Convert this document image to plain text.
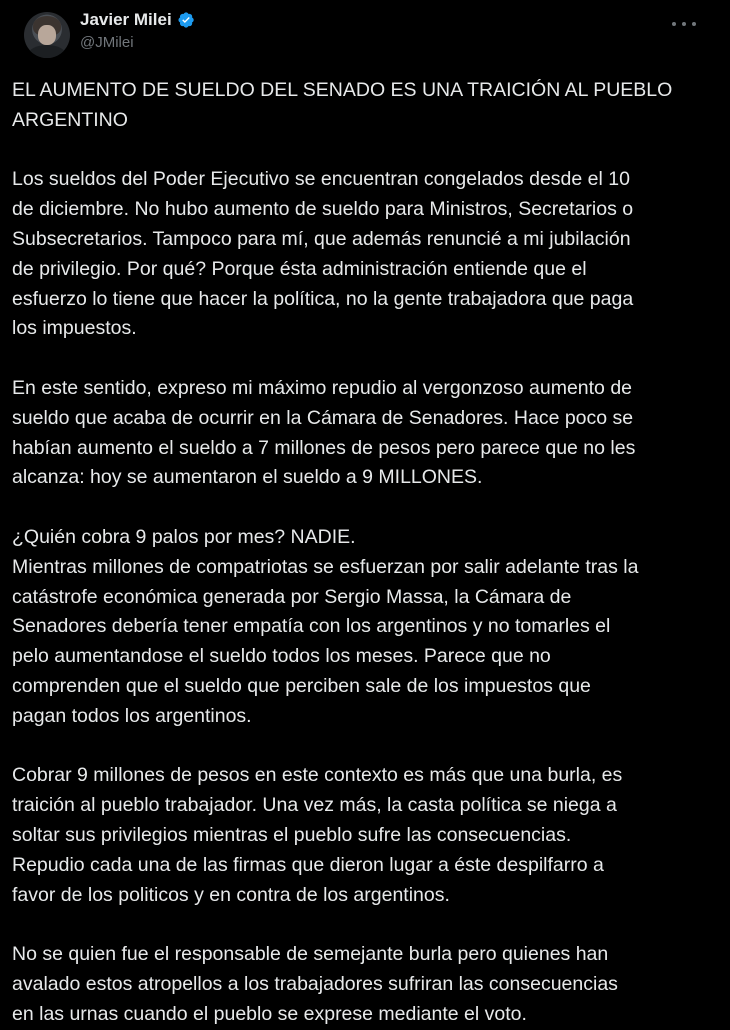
Javier Milei
@JMilei

EL AUMENTO DE SUELDO DEL SENADO ES UNA TRAICIÓN AL PUEBLO
ARGENTINO

Los sueldos del Poder Ejecutivo se encuentran congelados desde el 10
de diciembre. No hubo aumento de sueldo para Ministros, Secretarios o
Subsecretarios. Tampoco para mí, que además renuncié a mi jubilación
de privilegio. Por qué? Porque ésta administración entiende que el
esfuerzo lo tiene que hacer la política, no la gente trabajadora que paga
los impuestos.

En este sentido, expreso mi máximo repudio al vergonzoso aumento de
sueldo que acaba de ocurrir en la Cámara de Senadores. Hace poco se
habían aumento el sueldo a 7 millones de pesos pero parece que no les
alcanza: hoy se aumentaron el sueldo a 9 MILLONES.

¿Quién cobra 9 palos por mes? NADIE.
Mientras millones de compatriotas se esfuerzan por salir adelante tras la
catástrofe económica generada por Sergio Massa, la Cámara de
Senadores debería tener empatía con los argentinos y no tomarles el
pelo aumentandose el sueldo todos los meses. Parece que no
comprenden que el sueldo que perciben sale de los impuestos que
pagan todos los argentinos.

Cobrar 9 millones de pesos en este contexto es más que una burla, es
traición al pueblo trabajador. Una vez más, la casta política se niega a
soltar sus privilegios mientras el pueblo sufre las consecuencias.
Repudio cada una de las firmas que dieron lugar a éste despilfarro a
favor de los politicos y en contra de los argentinos.

No se quien fue el responsable de semejante burla pero quienes han
avalado estos atropellos a los trabajadores sufriran las consecuencias
en las urnas cuando el pueblo se exprese mediante el voto.
